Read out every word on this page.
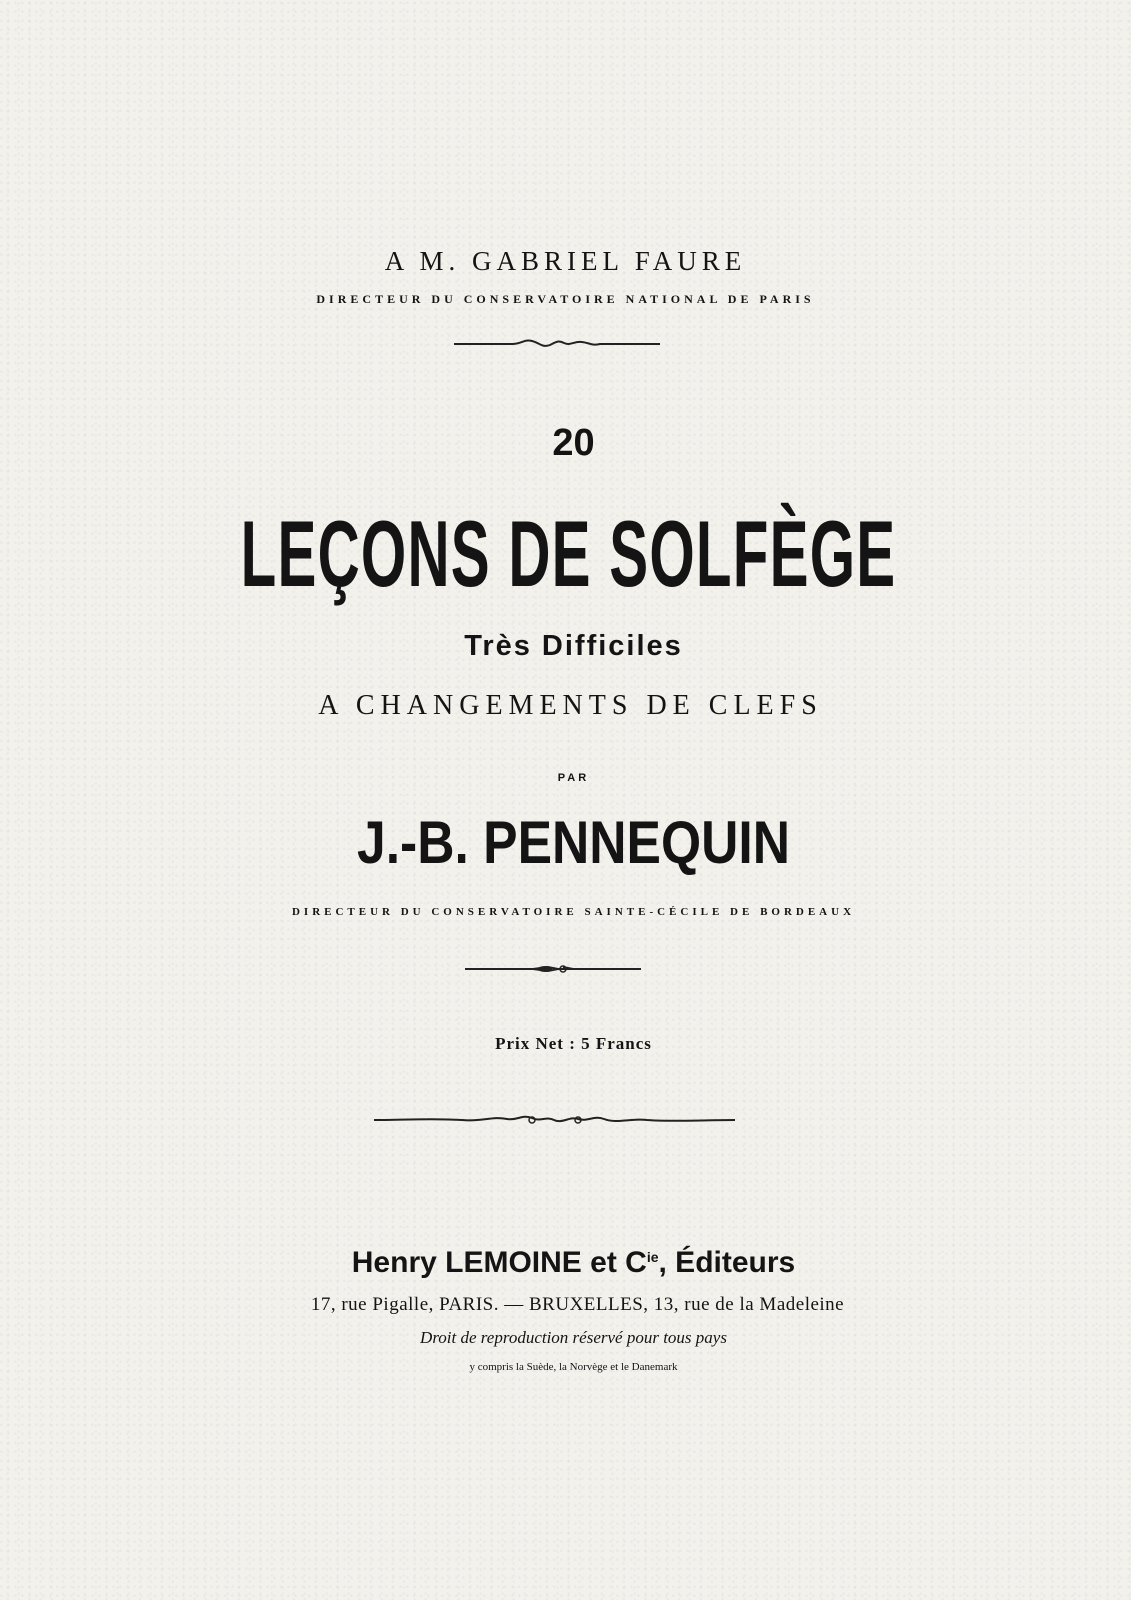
A M. GABRIEL FAURE
DIRECTEUR DU CONSERVATOIRE NATIONAL DE PARIS
20
LEÇONS DE SOLFÈGE
Très Difficiles
A CHANGEMENTS DE CLEFS
PAR
J.-B. PENNEQUIN
DIRECTEUR DU CONSERVATOIRE SAINTE-CÉCILE DE BORDEAUX
Prix Net : 5 Francs
Henry LEMOINE et $C^{ie}$, Éditeurs
17, rue Pigalle, PARIS. — BRUXELLES, 13, rue de la Madeleine
Droit de reproduction réservé pour tous pays
y compris la Suède, la Norvège et le Danemark
